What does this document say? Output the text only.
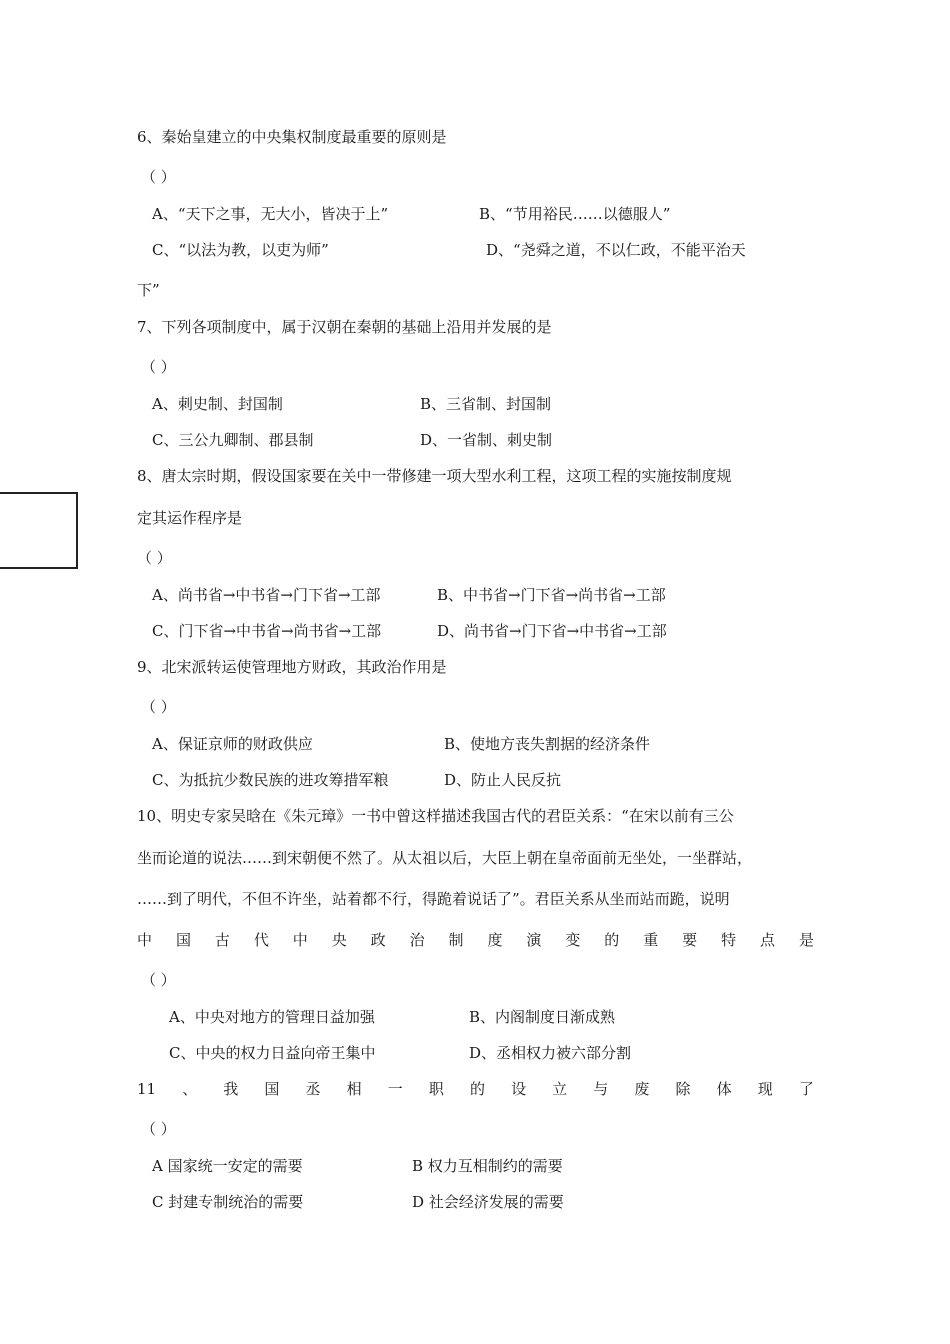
6、秦始皇建立的中央集权制度最重要的原则是
（ ）
A、“天下之事，无大小，皆决于上”	B、“节用裕民……以德服人”
C、“以法为教，以吏为师”	D、“尧舜之道，不以仁政，不能平治天
下”
7、下列各项制度中，属于汉朝在秦朝的基础上沿用并发展的是
（ ）
A、刺史制、封国制	B、三省制、封国制
C、三公九卿制、郡县制	D、一省制、刺史制
8、唐太宗时期，假设国家要在关中一带修建一项大型水利工程，这项工程的实施按制度规
定其运作程序是
（ ）
A、尚书省→中书省→门下省→工部	B、中书省→门下省→尚书省→工部
C、门下省→中书省→尚书省→工部	D、尚书省→门下省→中书省→工部
9、北宋派转运使管理地方财政，其政治作用是
（ ）
A、保证京师的财政供应	B、使地方丧失割据的经济条件
C、为抵抗少数民族的进攻筹措军粮	D、防止人民反抗
10、明史专家吴晗在《朱元璋》一书中曾这样描述我国古代的君臣关系：“在宋以前有三公
坐而论道的说法……到宋朝便不然了。从太祖以后，大臣上朝在皇帝面前无坐处，一坐群站，
……到了明代，不但不许坐，站着都不行，得跪着说话了”。君臣关系从坐而站而跪，说明
中 国 古 代 中 央 政 治 制 度 演 变 的 重 要 特 点 是
（ ）
A、中央对地方的管理日益加强	B、内阁制度日渐成熟
C、中央的权力日益向帝王集中	D、丞相权力被六部分割
11 、 我 国 丞 相 一 职 的 设 立 与 废 除 体 现 了
（ ）
A 国家统一安定的需要	B 权力互相制约的需要
C 封建专制统治的需要	D 社会经济发展的需要
